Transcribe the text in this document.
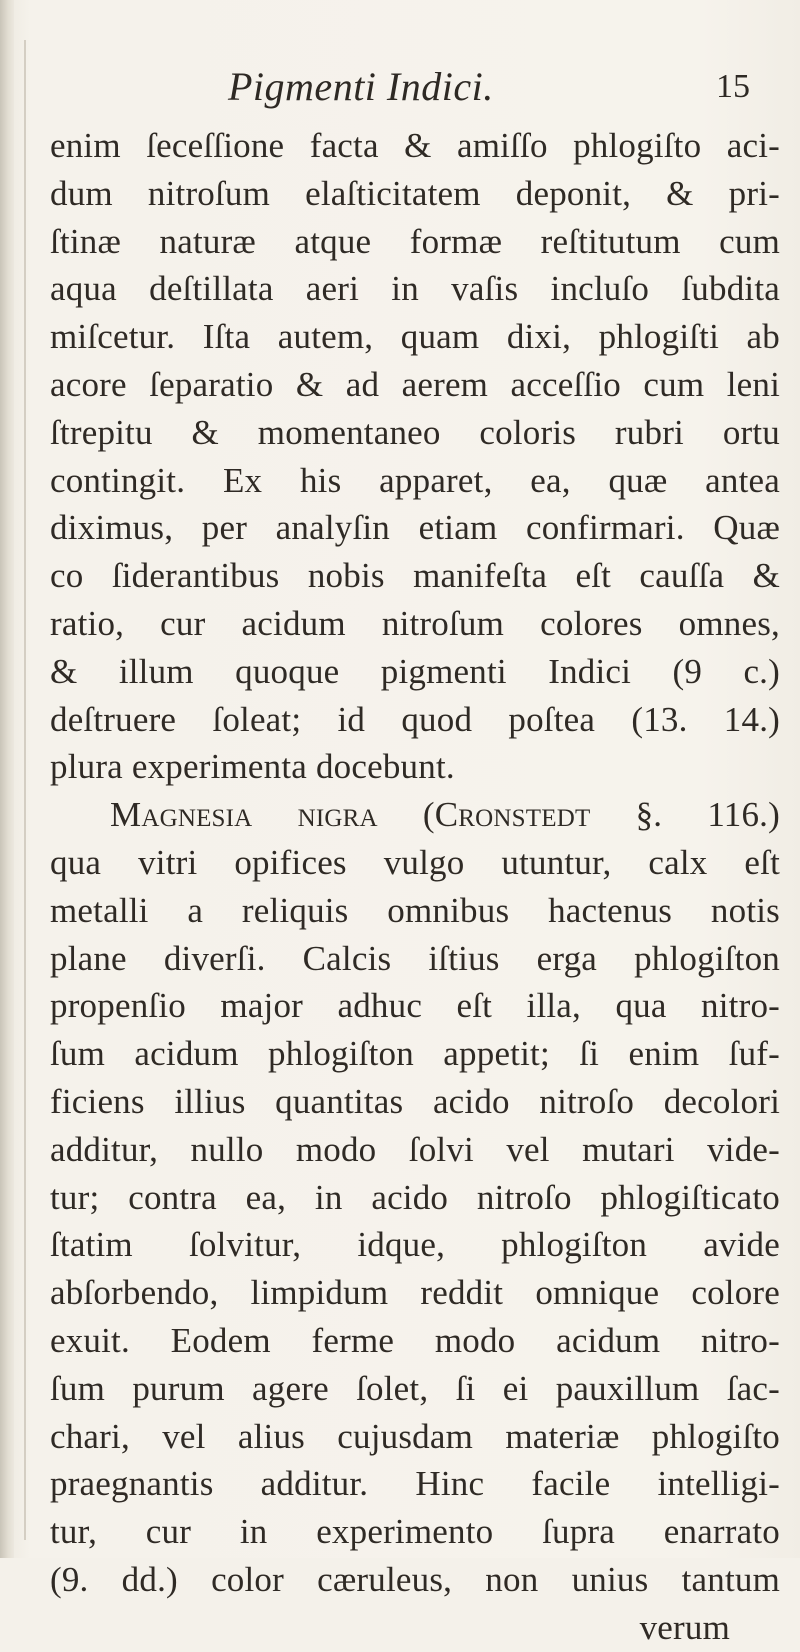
Pigmenti Indici.	15
enim ſeceſſione facta & amiſſo phlogiſto aci-
dum nitroſum elaſticitatem deponit, & pri-
ſtinæ naturæ atque formæ reſtitutum cum
aqua deſtillata aeri in vaſis incluſo ſubdita
miſcetur. Iſta autem, quam dixi, phlogiſti ab
acore ſeparatio & ad aerem acceſſio cum leni
ſtrepitu & momentaneo coloris rubri ortu
contingit. Ex his apparet, ea, quæ antea
diximus, per analyſin etiam confirmari. Quæ
co ſiderantibus nobis manifeſta eſt cauſſa &
ratio, cur acidum nitroſum colores omnes,
& illum quoque pigmenti Indici (9 c.)
deſtruere ſoleat; id quod poſtea (13. 14.)
plura experimenta docebunt.
Magnesia nigra (Cronstedt §. 116.)
qua vitri opifices vulgo utuntur, calx eſt
metalli a reliquis omnibus hactenus notis
plane diverſi. Calcis iſtius erga phlogiſton
propenſio major adhuc eſt illa, qua nitro-
ſum acidum phlogiſton appetit; ſi enim ſuf-
ficiens illius quantitas acido nitroſo decolori
additur, nullo modo ſolvi vel mutari vide-
tur; contra ea, in acido nitroſo phlogiſticato
ſtatim ſolvitur, idque, phlogiſton avide
abſorbendo, limpidum reddit omnique colore
exuit. Eodem ferme modo acidum nitro-
ſum purum agere ſolet, ſi ei pauxillum ſac-
chari, vel alius cujusdam materiæ phlogiſto
praegnantis additur. Hinc facile intelligi-
tur, cur in experimento ſupra enarrato
(9. dd.) color cæruleus, non unius tantum
verum
